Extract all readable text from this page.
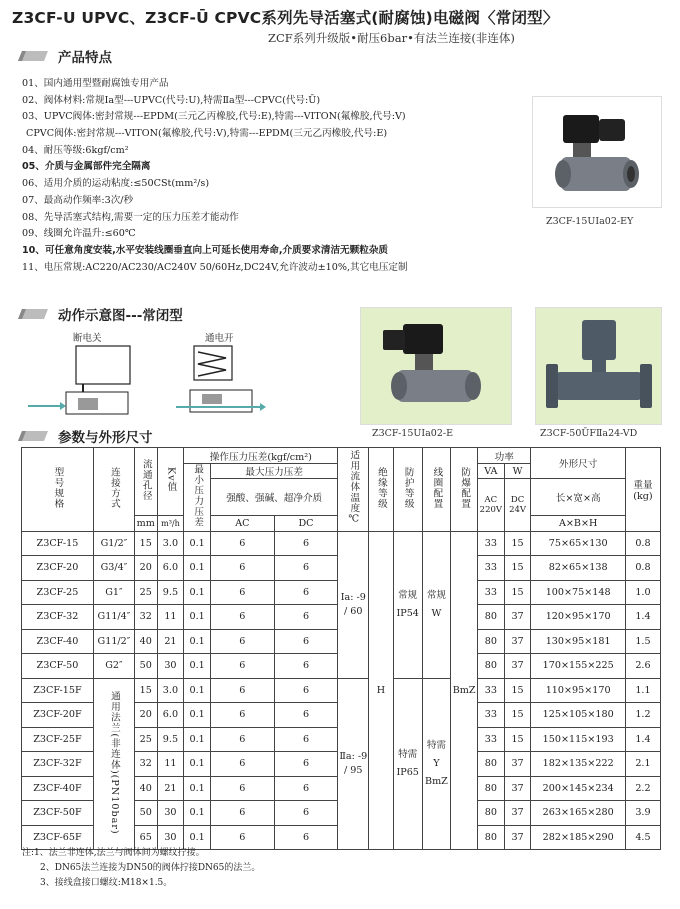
Z3CF-U UPVC、Z3CF-Ū CPVC系列先导活塞式(耐腐蚀)电磁阀〈常闭型〉
ZCF系列升级版•耐压6bar•有法兰连接(非连体)
产品特点
01、国内通用型暨耐腐蚀专用产品
02、阀体材料:常规Ia型---UPVC(代号:U),特需Ⅱa型---CPVC(代号:Ū)
03、UPVC阀体:密封常规---EPDM(三元乙丙橡胶,代号:E),特需---VITON(氟橡胶,代号:V)
CPVC阀体:密封常规---VITON(氟橡胶,代号:V),特需---EPDM(三元乙丙橡胶,代号:E)
04、耐压等级:6kgf/cm²
05、介质与金属部件完全隔离
06、适用介质的运动粘度:≤50CSt(mm²/s)
07、最高动作频率:3次/秒
08、先导活塞式结构,需要一定的压力压差才能动作
09、线圈允许温升:≤60℃
10、可任意角度安装,水平安装线圈垂直向上可延长使用寿命,介质要求清洁无颗粒杂质
11、电压常规:AC220/AC230/AC240V 50/60Hz,DC24V,允许波动±10%,其它电压定制
Z3CF-15UIa02-EY
动作示意图---常闭型
断电关	通电开
Z3CF-15UIa02-E	Z3CF-50ŪFⅡa24-VD
参数与外形尺寸
型号规格	连接方式	流通孔径	Kv值	操作压力压差(kgf/cm²)			适用流体温度℃	绝缘等级	防护等级	线圈配置	防爆配置	功率		外形尺寸	重量(kg)
				最小压力压差	最大压力压差							VA	W		
					强酸、强碱、超净介质							AC 220V	DC 24V	长×宽×高	
		mm	m³/h		AC	DC								A×B×H	
Z3CF-15	G1/2″	15	3.0	0.1	6	6	Ⅰa: -9 / 60	H	常规 IP54	常规 W	BmZ	33	15	75×65×130	0.8
Z3CF-20	G3/4″	20	6.0	0.1	6	6						33	15	82×65×138	0.8
Z3CF-25	G1″	25	9.5	0.1	6	6						33	15	100×75×148	1.0
Z3CF-32	G11/4″	32	11	0.1	6	6						80	37	120×95×170	1.4
Z3CF-40	G11/2″	40	21	0.1	6	6						80	37	130×95×181	1.5
Z3CF-50	G2″	50	30	0.1	6	6						80	37	170×155×225	2.6
Z3CF-15F	通用法兰(非连体)(PN10bar)	15	3.0	0.1	6	6	Ⅱa: -9 / 95		特需 IP65	特需 Y BmZ		33	15	110×95×170	1.1
Z3CF-20F		20	6.0	0.1	6	6						33	15	125×105×180	1.2
Z3CF-25F		25	9.5	0.1	6	6						33	15	150×115×193	1.4
Z3CF-32F		32	11	0.1	6	6						80	37	182×135×222	2.1
Z3CF-40F		40	21	0.1	6	6						80	37	200×145×234	2.2
Z3CF-50F		50	30	0.1	6	6						80	37	263×165×280	3.9
Z3CF-65F		65	30	0.1	6	6						80	37	282×185×290	4.5
注:1、法兰非连体,法兰与阀体间为螺纹拧接。
2、DN65法兰连接为DN50的阀体拧接DN65的法兰。
3、接线盒接口螺纹:M18×1.5。
